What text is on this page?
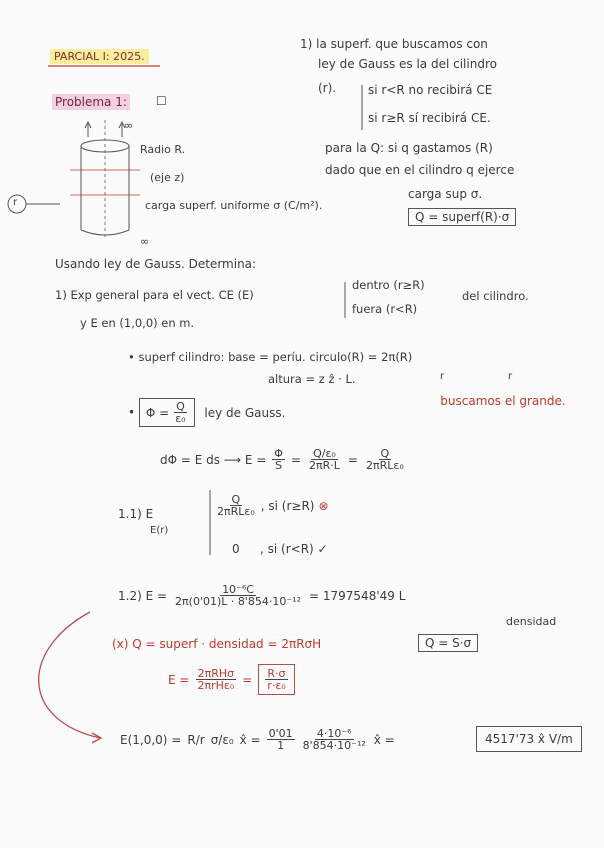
PARCIAL I: 2025.
Problema 1: ☐
∞
Radio R.
(eje z)
r	carga superf. uniforme σ (C/m²).
∞
1) la superf. que buscamos con
ley de Gauss es la del cilindro
(r).	si r<R no recibirá CE
si r≥R sí recibirá CE.
para la Q: si q gastamos (R)
dado que en el cilindro q ejerce
carga sup σ.
Q = superf(R)·σ
Usando ley de Gauss. Determina:
1) Exp general para el vect. CE (E)
dentro (r≥R)
fuera (r<R)
del cilindro.
y E en (1,0,0) en m.
• superf cilindro: base = períu. circulo(R) = 2π(R)
altura = z ẑ · L.	r	r
buscamos el grande.
• $\Phi = \frac{Q}{\text{ε₀}}$ ley de Gauss.
dΦ = E ds ⟶ $E = \frac{\Phi}{S} = \frac{\text{Q/ε₀}}{2\pi R\cdot L} = \frac{Q}{\text{2πRLε₀}}$
1.1) E
E(r)
$\frac{Q}{\text{2πRLε₀}}$ , si (r≥R) ⊗
0 , si (r<R) ✓
1.2) $E = \frac{\text{10⁻⁶C}}{\text{2π(0'01)L · 8'854·10⁻¹²}} = 1797548'49$ L
(x) Q = superf · densidad = 2πRσH	Q = S·σ
densidad
$E = \frac{\text{2πRHσ}}{\text{2πrHε₀}} = \frac{R\cdot\sigma}{\text{r·ε₀}}$
E(1,0,0) = R/r σ/ε₀ x̂ = $\frac{0'01}{1} \frac{\text{4·10⁻⁶}}{\text{8'854·10⁻¹²}}$ x̂ =	4517'73 x̂ V/m
